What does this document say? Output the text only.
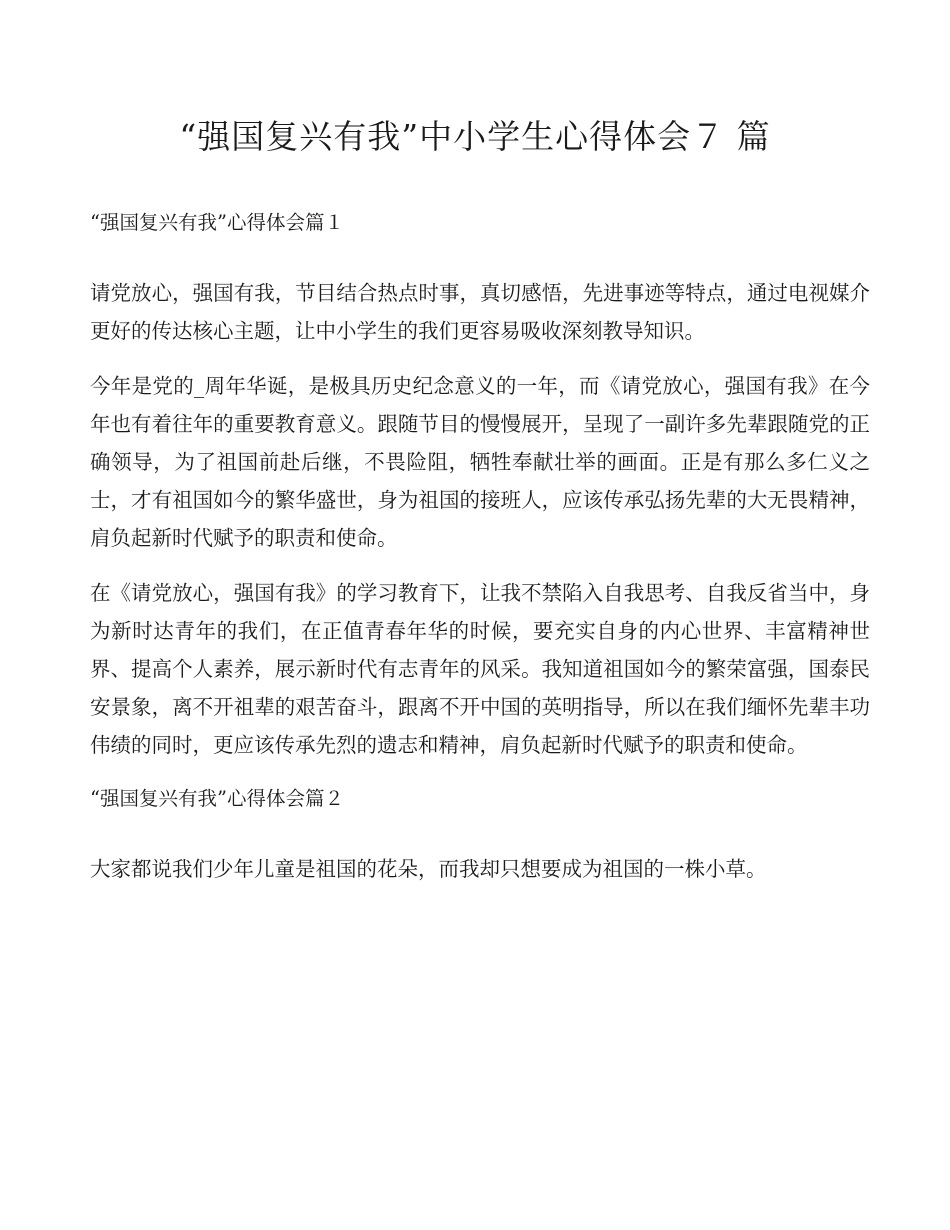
“强国复兴有我”中小学生心得体会７ 篇

“强国复兴有我”心得体会篇１

请党放心，强国有我，节目结合热点时事，真切感悟，先进事迹等特点，通过电视媒介更好的传达核心主题，让中小学生的我们更容易吸收深刻教导知识。

今年是党的_周年华诞，是极具历史纪念意义的一年，而《请党放心，强国有我》在今年也有着往年的重要教育意义。跟随节目的慢慢展开，呈现了一副许多先辈跟随党的正确领导，为了祖国前赴后继，不畏险阻，牺牲奉献壮举的画面。正是有那么多仁义之士，才有祖国如今的繁华盛世，身为祖国的接班人，应该传承弘扬先辈的大无畏精神，肩负起新时代赋予的职责和使命。

在《请党放心，强国有我》的学习教育下，让我不禁陷入自我思考、自我反省当中，身为新时达青年的我们，在正值青春年华的时候，要充实自身的内心世界、丰富精神世界、提高个人素养，展示新时代有志青年的风采。我知道祖国如今的繁荣富强，国泰民安景象，离不开祖辈的艰苦奋斗，跟离不开中国的英明指导，所以在我们缅怀先辈丰功伟绩的同时，更应该传承先烈的遗志和精神，肩负起新时代赋予的职责和使命。

“强国复兴有我”心得体会篇２

大家都说我们少年儿童是祖国的花朵，而我却只想要成为祖国的一株小草。
